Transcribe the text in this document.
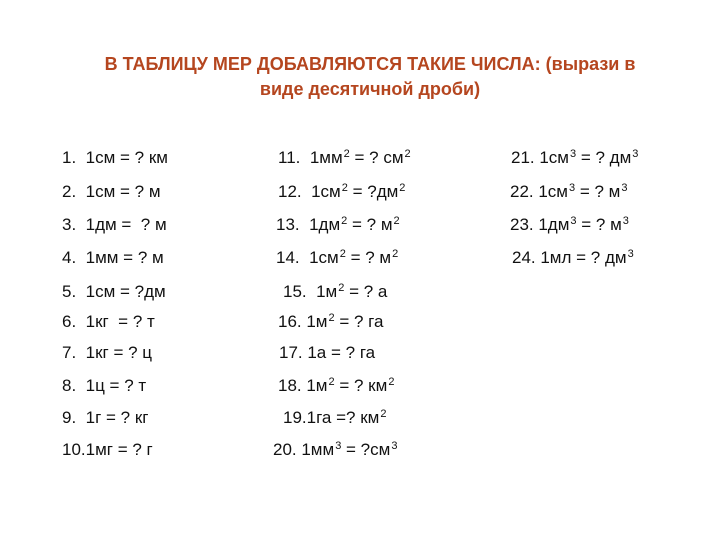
В ТАБЛИЦУ МЕР ДОБАВЛЯЮТСЯ ТАКИЕ ЧИСЛА: (вырази в
виде десятичной дроби)
1.  1см = ? км
2.  1см = ? м
3.  1дм =  ? м
4.  1мм = ? м
5.  1см = ?дм
6.  1кг  = ? т
7.  1кг = ? ц
8.  1ц = ? т
9.  1г = ? кг
10.1мг = ? г
11.  $1мм^2$ = ? $см^2$
12.  $1см^2$ = $?дм^2$
13.  $1дм^2$ = ? $м^2$
14.  $1см^2$ = ? $м^2$
15.  $1м^2$ = ? а
16. $1м^2$ = ? га
17. 1а = ? га
18. $1м^2$ = ? $км^2$
19.1га =? $км^2$
20. $1мм^3$ = $?см^3$
21. $1см^3$ = ? $дм^3$
22. $1см^3$ = ? $м^3$
23. $1дм^3$ = ? $м^3$
24. 1мл = ? $дм^3$
